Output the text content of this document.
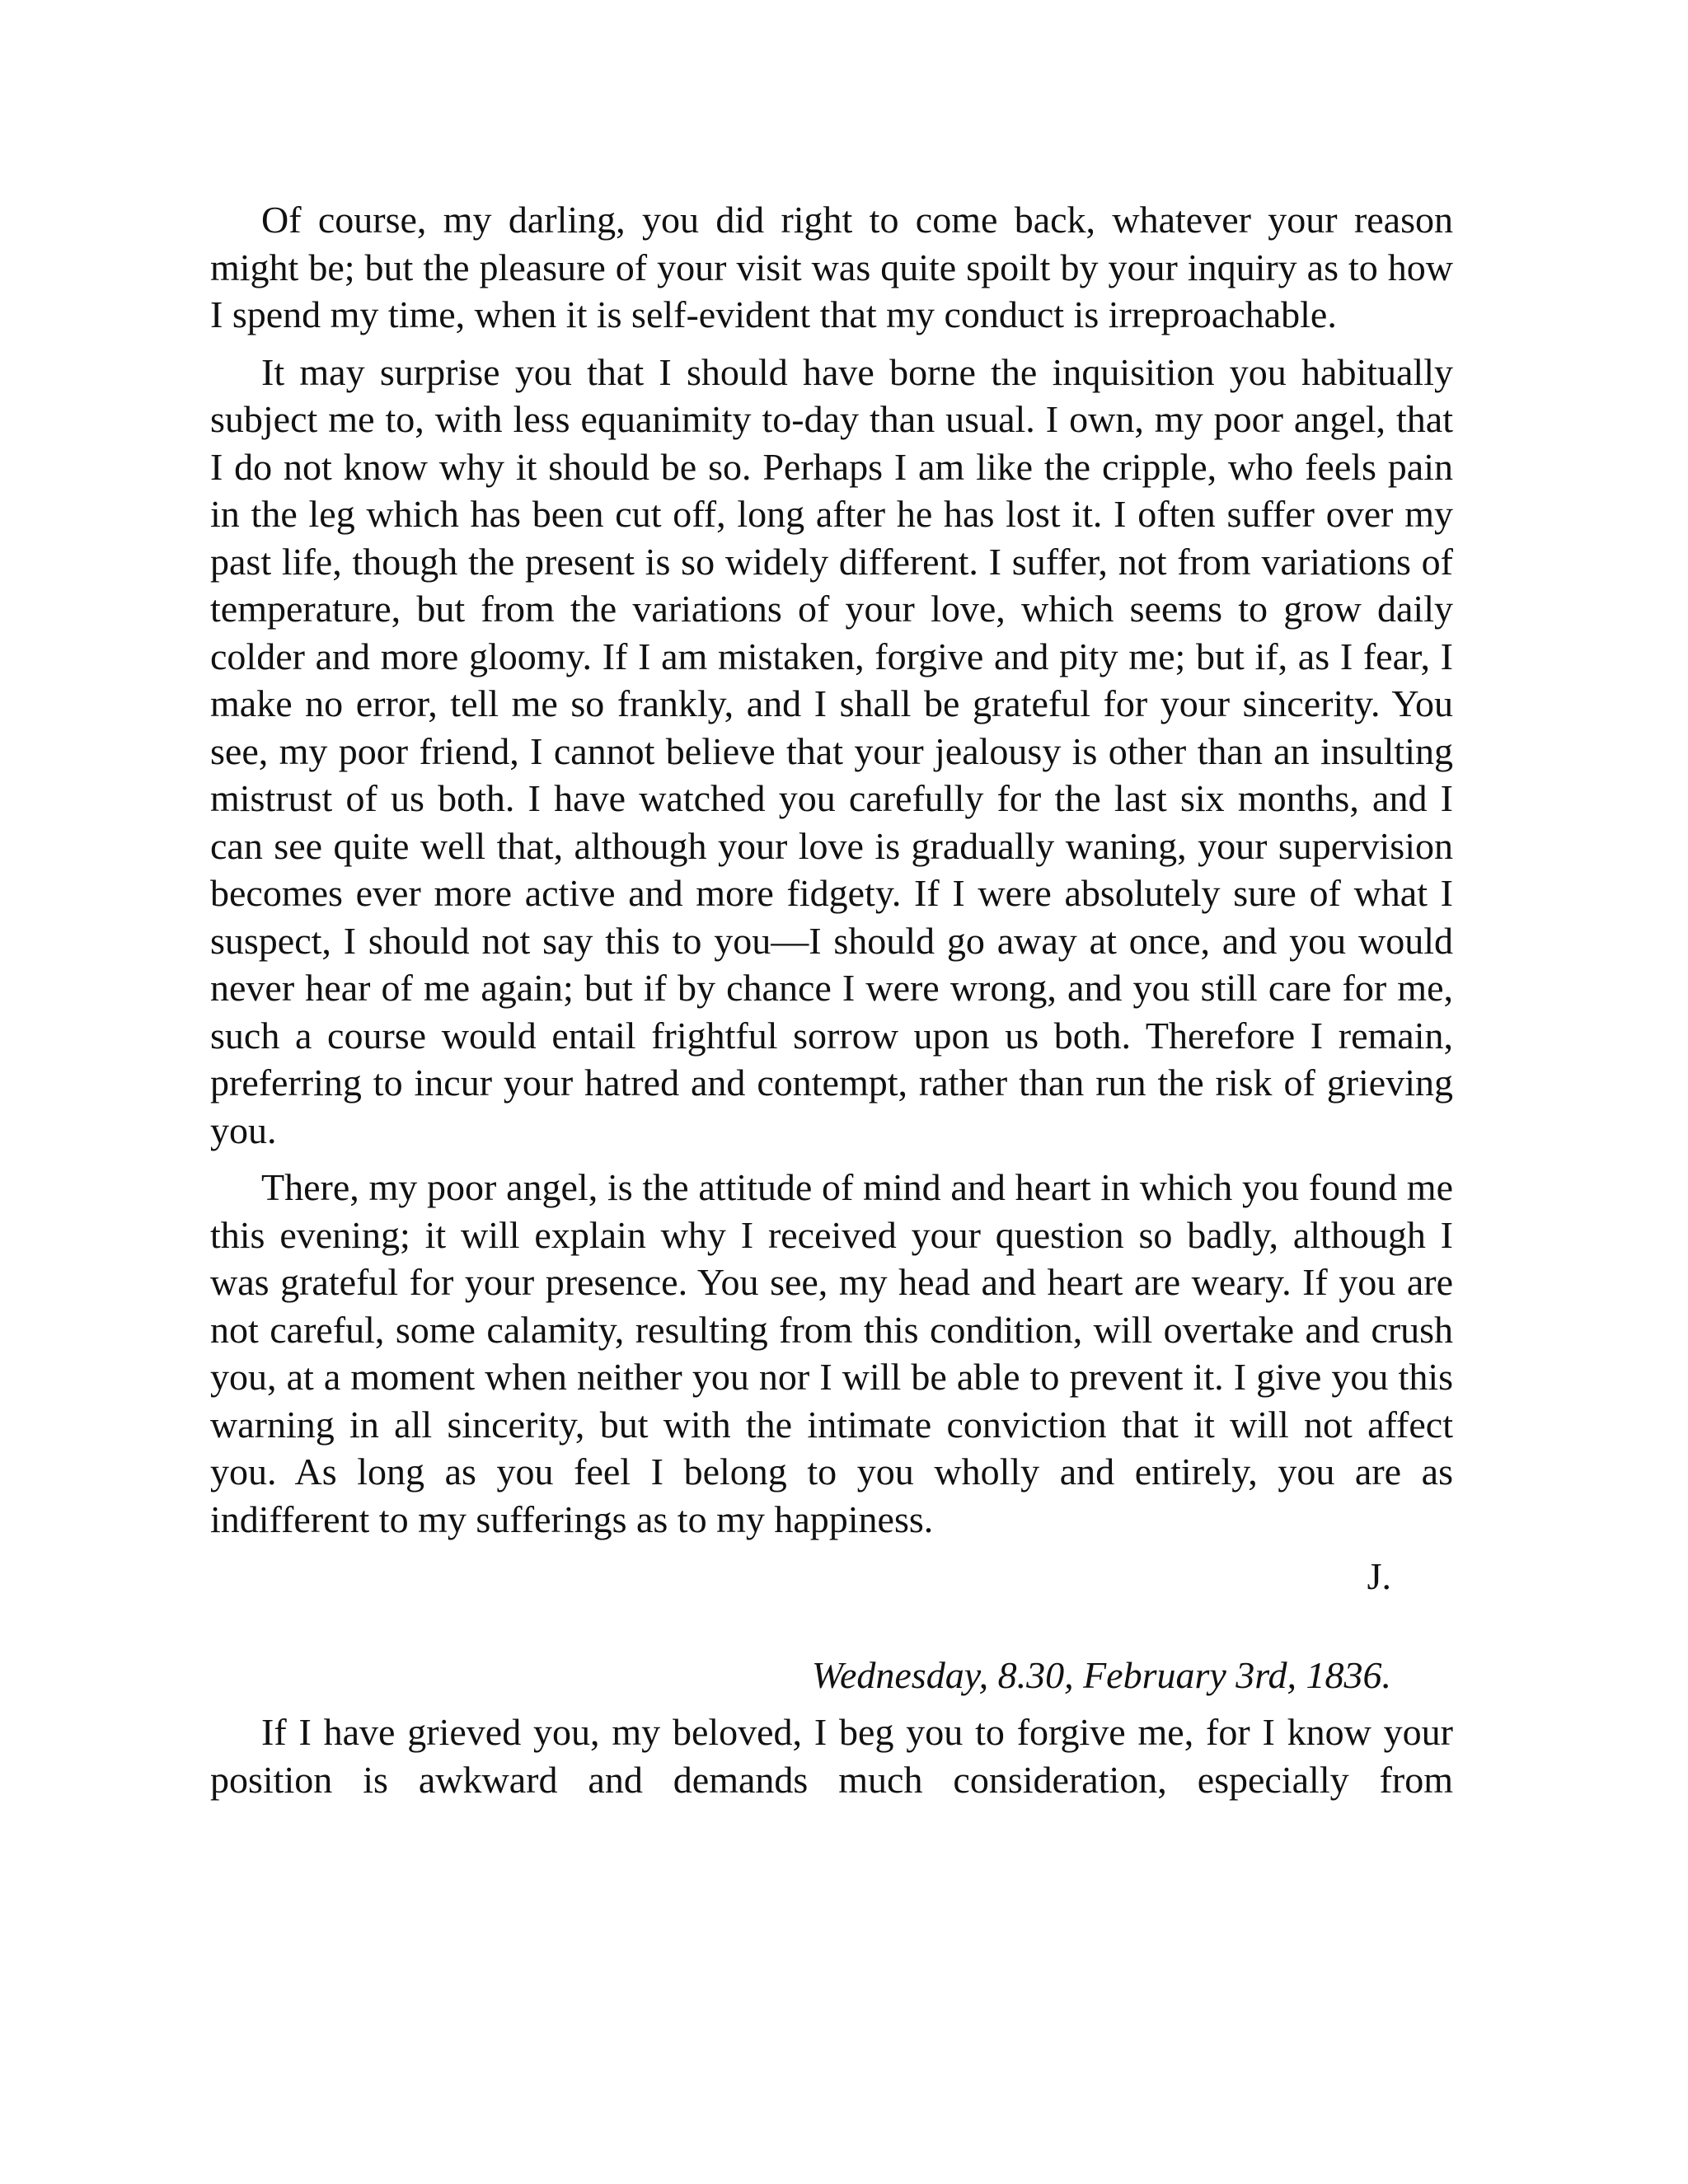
Of course, my darling, you did right to come back, whatever your reason might be; but the pleasure of your visit was quite spoilt by your inquiry as to how I spend my time, when it is self-evident that my conduct is irreproachable.

It may surprise you that I should have borne the inquisition you habitually subject me to, with less equanimity to-day than usual. I own, my poor angel, that I do not know why it should be so. Perhaps I am like the cripple, who feels pain in the leg which has been cut off, long after he has lost it. I often suffer over my past life, though the present is so widely different. I suffer, not from variations of temperature, but from the variations of your love, which seems to grow daily colder and more gloomy. If I am mistaken, forgive and pity me; but if, as I fear, I make no error, tell me so frankly, and I shall be grateful for your sincerity. You see, my poor friend, I cannot believe that your jealousy is other than an insulting mistrust of us both. I have watched you carefully for the last six months, and I can see quite well that, although your love is gradually waning, your supervision becomes ever more active and more fidgety. If I were absolutely sure of what I suspect, I should not say this to you—I should go away at once, and you would never hear of me again; but if by chance I were wrong, and you still care for me, such a course would entail frightful sorrow upon us both. Therefore I remain, preferring to incur your hatred and contempt, rather than run the risk of grieving you.

There, my poor angel, is the attitude of mind and heart in which you found me this evening; it will explain why I received your question so badly, although I was grateful for your presence. You see, my head and heart are weary. If you are not careful, some calamity, resulting from this condition, will overtake and crush you, at a moment when neither you nor I will be able to prevent it. I give you this warning in all sincerity, but with the intimate conviction that it will not affect you. As long as you feel I belong to you wholly and entirely, you are as indifferent to my sufferings as to my happiness.

J.

Wednesday, 8.30, February 3rd, 1836.

If I have grieved you, my beloved, I beg you to forgive me, for I know your position is awkward and demands much consideration, especially from
